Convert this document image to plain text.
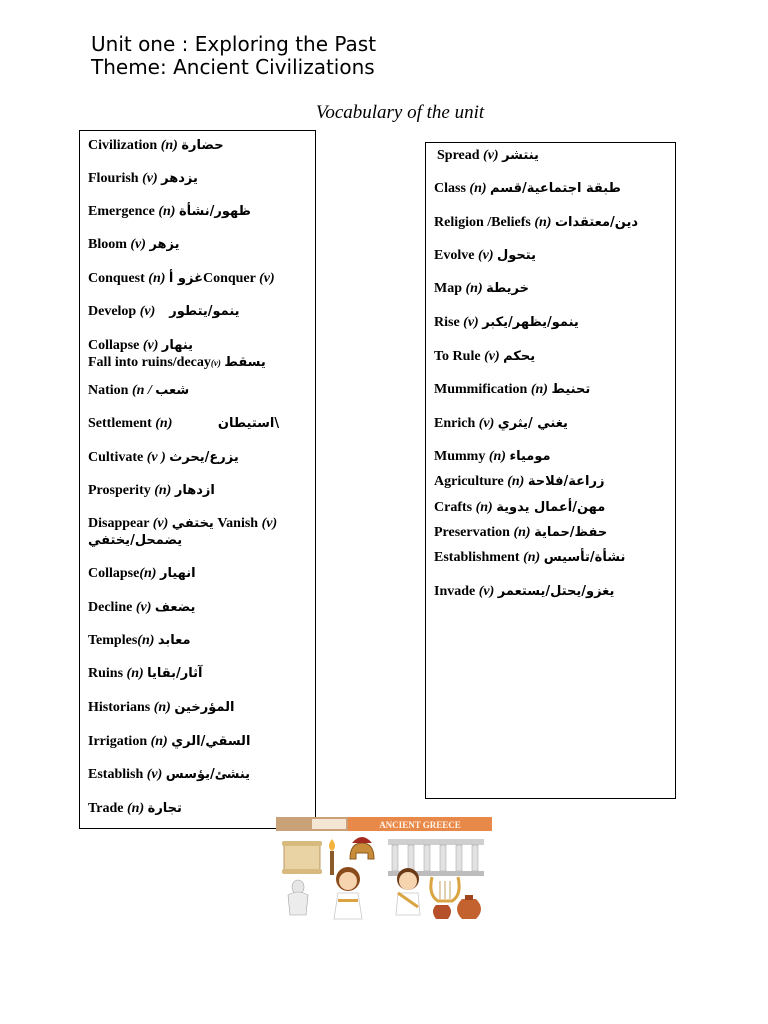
Unit one : Exploring the Past
Theme: Ancient Civilizations
Vocabulary of the unit
Civilization (n) حضارة
Flourish (v) يزدهر
Emergence (n) ظهور/نشأة
Bloom (v) يزهر
Conquest (n) غزو أConquer (v)
Develop (v) ينمو/يتطور
Collapse (v) ينهار
Fall into ruins/decay(v) يسقط
Nation (n / شعب
Settlement (n)	استيطان\
Cultivate (v ) يزرع/يحرث
Prosperity (n) ازدهار
Disappear (v) يختفي Vanish (v)
يضمحل/يختفي
Collapse(n) انهيار
Decline (v) يضعف
Temples(n) معابد
Ruins (n) آثار/بقايا
Historians (n) المؤرخين
Irrigation (n) السقي/الري
Establish (v) ينشئ/يؤسس
Trade (n) تجارة
Spread (v) ينتشر
Class (n) طبقة اجتماعية/قسم
Religion /Beliefs (n) دين/معتقدات
Evolve (v) يتحول
Map (n) خريطة
Rise (v) ينمو/يظهر/يكبر
To Rule (v) يحكم
Mummification (n) تحنيط
Enrich (v) يغني /يثري
Mummy (n) مومياء
Agriculture (n) زراعة/فلاحة
Crafts (n) مهن/أعمال يدوية
Preservation (n) حفظ/حماية
Establishment (n) نشأة/تأسيس
Invade (v) يغزو/يحتل/يستعمر
ANCIENT GREECE
